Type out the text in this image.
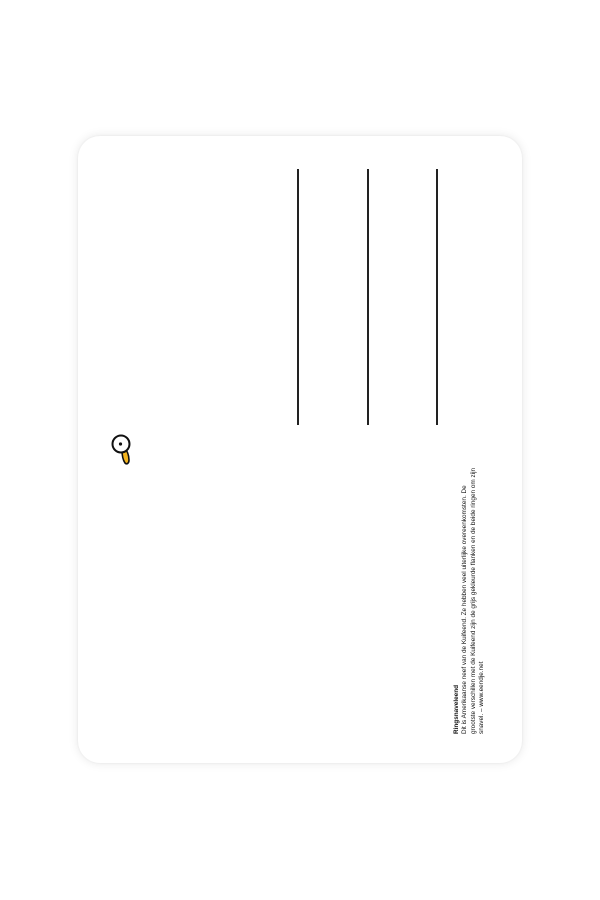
Ringsnaveleend Dit is Amerikaanse neef van de Kuifeend. Ze hebben veel uiterlijke overeenkomsten. De grootste verschillen met de Kuifeend zijn de grijs gekleurde flanken en de beide ringen om zijn snavel. – www.eendje.net
